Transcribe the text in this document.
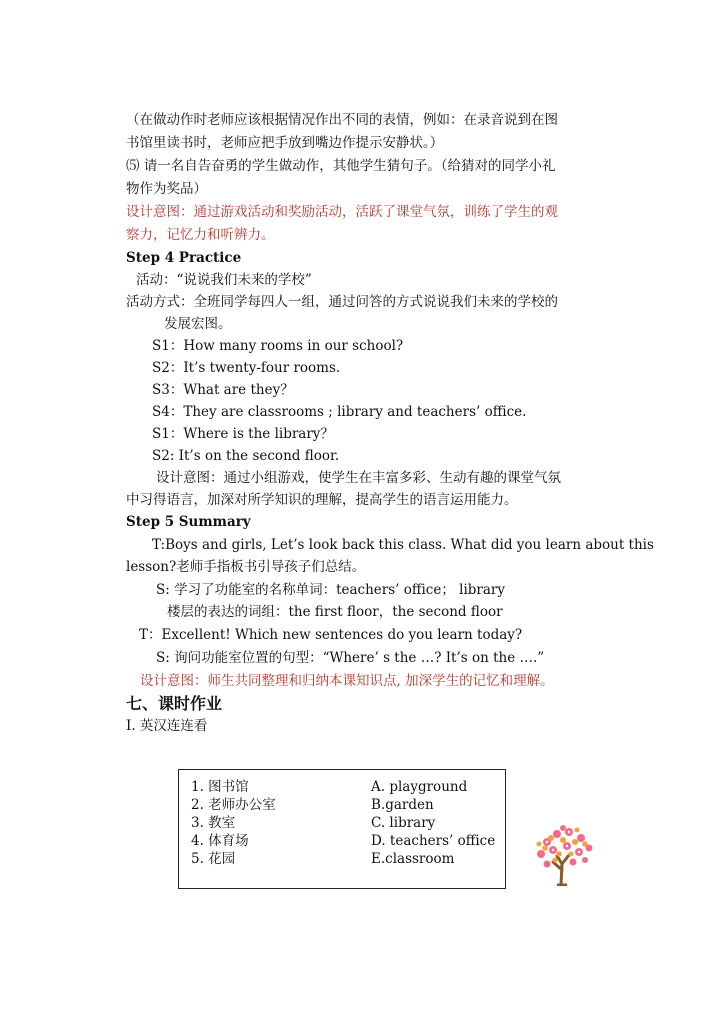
（在做动作时老师应该根据情况作出不同的表情，例如：在录音说到在图
书馆里读书时，老师应把手放到嘴边作提示安静状。）
⑸ 请一名自告奋勇的学生做动作，其他学生猜句子。（给猜对的同学小礼
物作为奖品）
设计意图：通过游戏活动和奖励活动，活跃了课堂气氛，训练了学生的观
察力，记忆力和听辨力。
Step 4 Practice
活动：“说说我们未来的学校”
活动方式：全班同学每四人一组，通过问答的方式说说我们未来的学校的
发展宏图。
S1：How many rooms in our school?
S2：It’s twenty-four rooms.
S3：What are they？
S4：They are classrooms ; library and teachers’ office.
S1：Where is the library？
S2: It’s on the second floor.
设计意图：通过小组游戏，使学生在丰富多彩、生动有趣的课堂气氛
中习得语言，加深对所学知识的理解，提高学生的语言运用能力。
Step 5 Summary
T:Boys and girls, Let’s look back this class. What did you learn about this
lesson?老师手指板书引导孩子们总结。
S: 学习了功能室的名称单词：teachers’ office； library
楼层的表达的词组：the first floor，the second floor
T：Excellent! Which new sentences do you learn today?
S: 询问功能室位置的句型：“Where’ s the …? It’s on the ….”
设计意图：师生共同整理和归纳本课知识点, 加深学生的记忆和理解。
七、课时作业
Ⅰ. 英汉连连看
1. 图书馆
2. 老师办公室
3. 教室
4. 体育场
5. 花园
A. playground
B.garden
C. library
D. teachers’ office
E.classroom
